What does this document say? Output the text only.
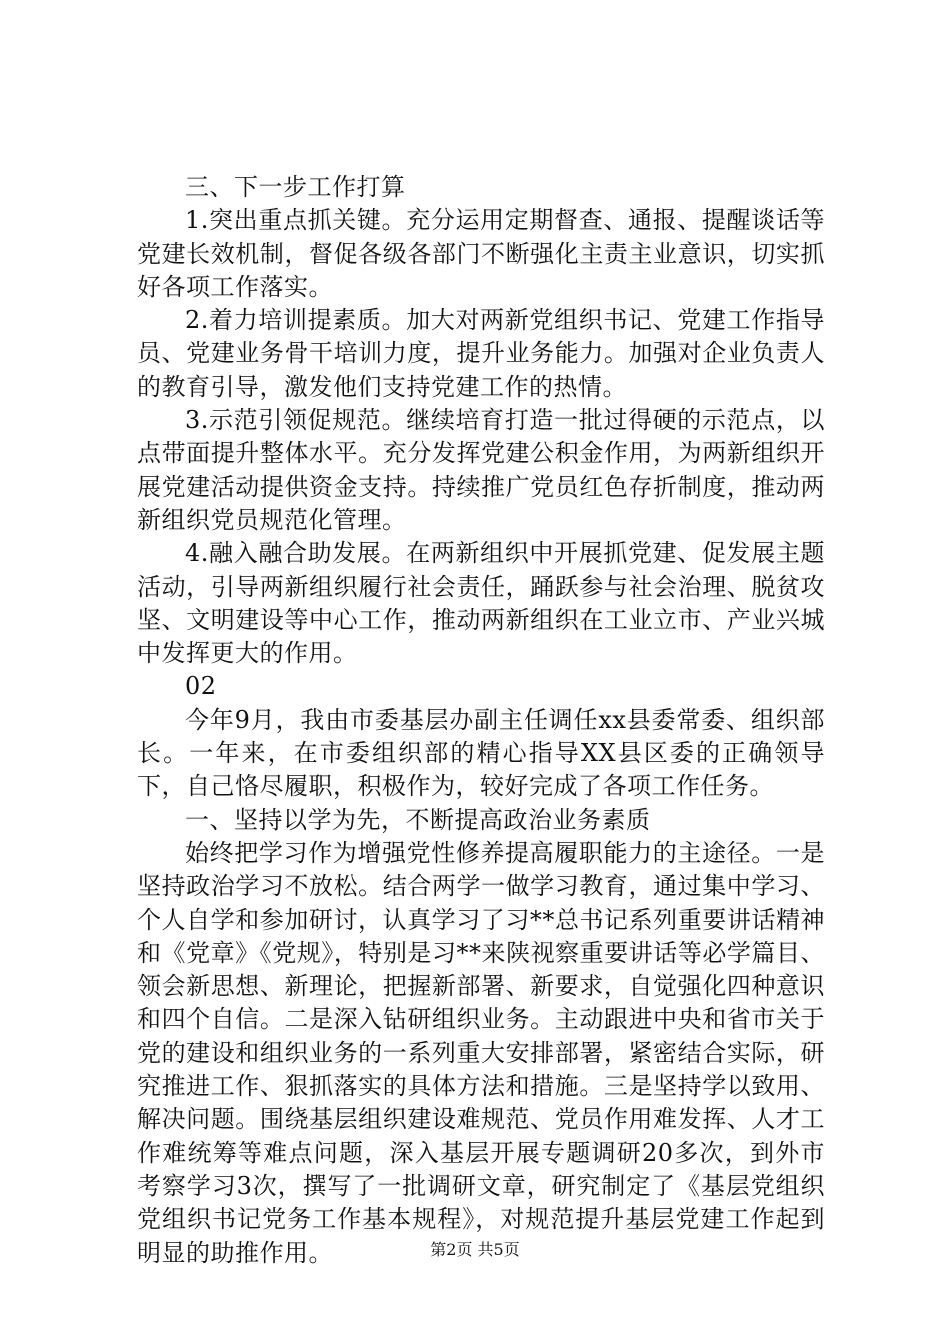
三、下一步工作打算

1.突出重点抓关键。充分运用定期督查、通报、提醒谈话等党建长效机制，督促各级各部门不断强化主责主业意识，切实抓好各项工作落实。

2.着力培训提素质。加大对两新党组织书记、党建工作指导员、党建业务骨干培训力度，提升业务能力。加强对企业负责人的教育引导，激发他们支持党建工作的热情。

3.示范引领促规范。继续培育打造一批过得硬的示范点，以点带面提升整体水平。充分发挥党建公积金作用，为两新组织开展党建活动提供资金支持。持续推广党员红色存折制度，推动两新组织党员规范化管理。

4.融入融合助发展。在两新组织中开展抓党建、促发展主题活动，引导两新组织履行社会责任，踊跃参与社会治理、脱贫攻坚、文明建设等中心工作，推动两新组织在工业立市、产业兴城中发挥更大的作用。

02

今年9月，我由市委基层办副主任调任xx县委常委、组织部长。一年来，在市委组织部的精心指导XX县区委的正确领导下，自己恪尽履职，积极作为，较好完成了各项工作任务。

一、坚持以学为先，不断提高政治业务素质

始终把学习作为增强党性修养提高履职能力的主途径。一是坚持政治学习不放松。结合两学一做学习教育，通过集中学习、个人自学和参加研讨，认真学习了习**总书记系列重要讲话精神和《党章》《党规》，特别是习**来陕视察重要讲话等必学篇目、领会新思想、新理论，把握新部署、新要求，自觉强化四种意识和四个自信。二是深入钻研组织业务。主动跟进中央和省市关于党的建设和组织业务的一系列重大安排部署，紧密结合实际，研究推进工作、狠抓落实的具体方法和措施。三是坚持学以致用、解决问题。围绕基层组织建设难规范、党员作用难发挥、人才工作难统筹等难点问题，深入基层开展专题调研20多次，到外市考察学习3次，撰写了一批调研文章，研究制定了《基层党组织党组织书记党务工作基本规程》，对规范提升基层党建工作起到明显的助推作用。	第2页 共5页
